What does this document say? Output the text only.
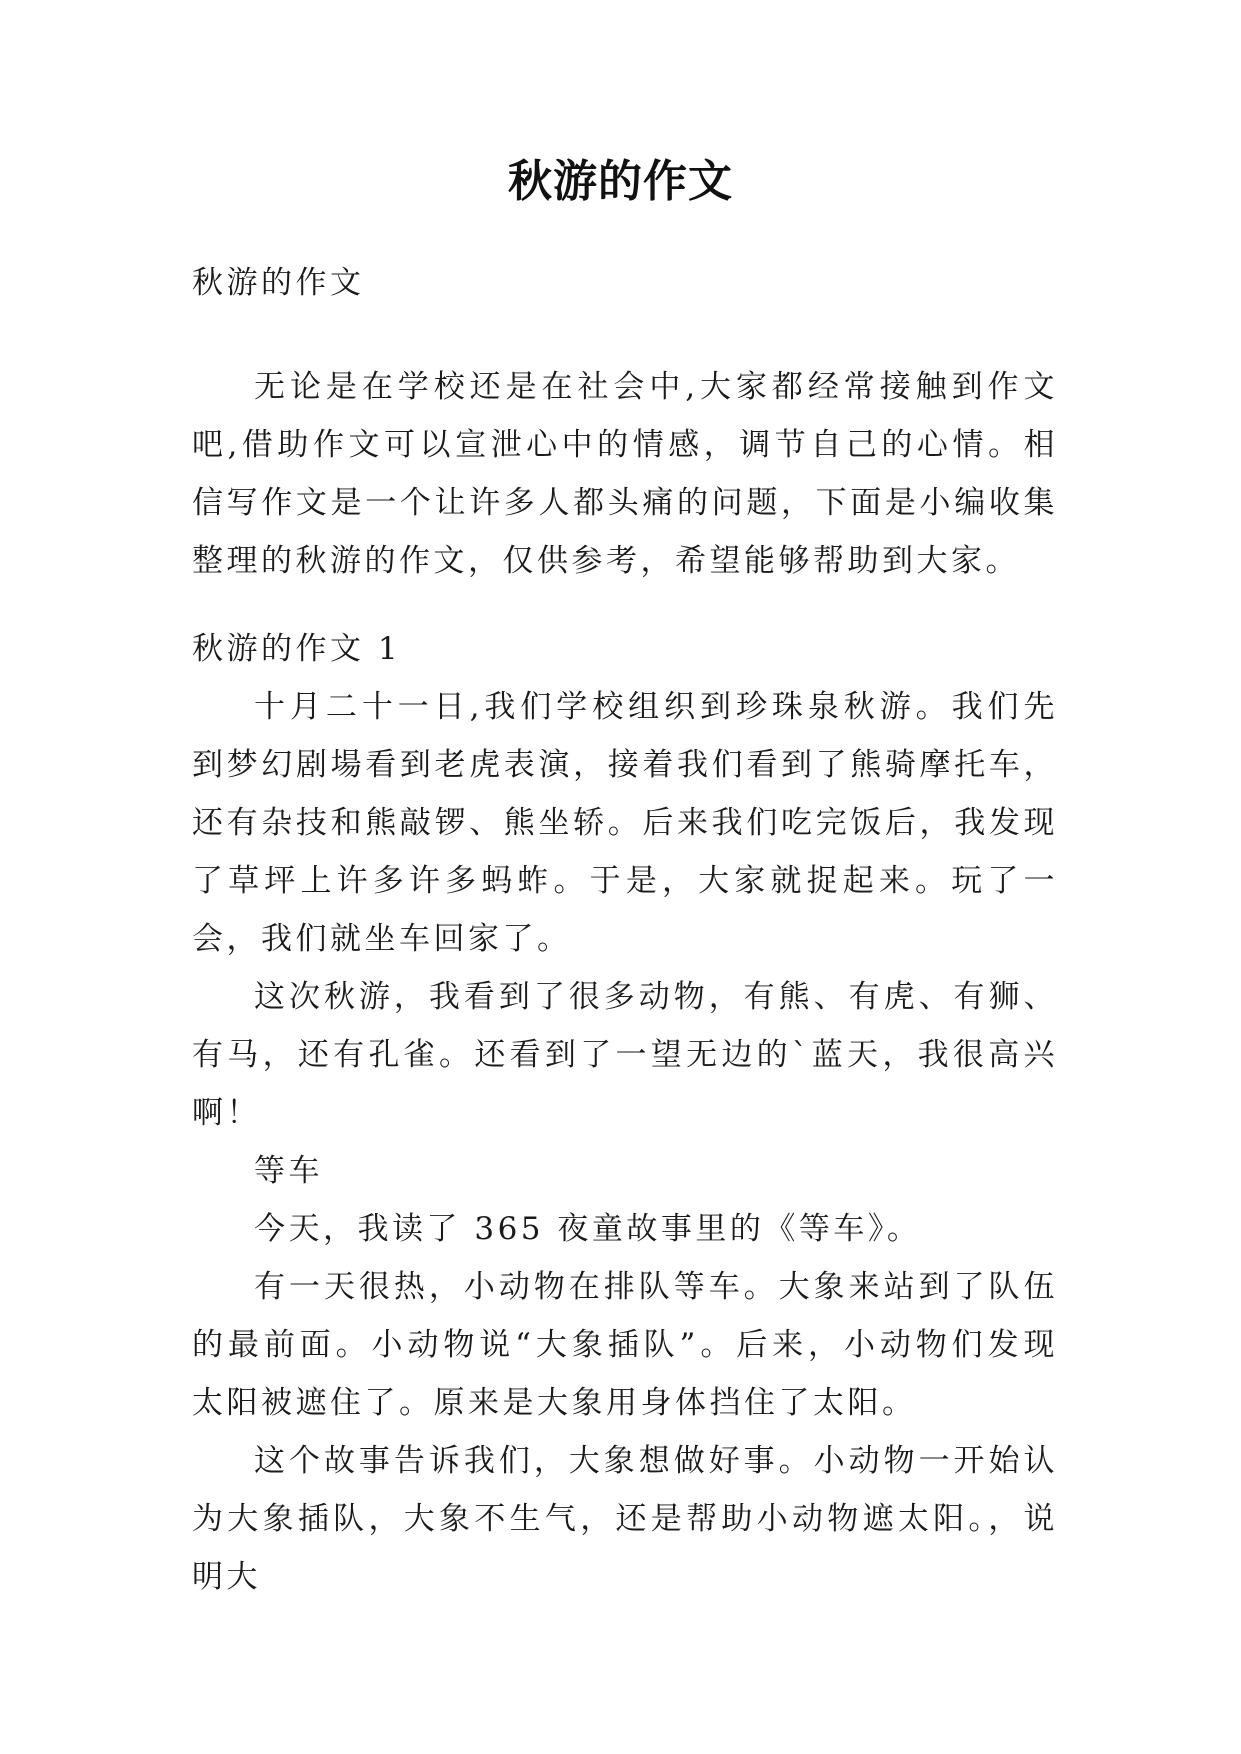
秋游的作文

秋游的作文

无论是在学校还是在社会中,大家都经常接触到作文吧,借助作文可以宣泄心中的情感，调节自己的心情。相信写作文是一个让许多人都头痛的问题，下面是小编收集整理的秋游的作文，仅供参考，希望能够帮助到大家。

秋游的作文 1

十月二十一日,我们学校组织到珍珠泉秋游。我们先到梦幻剧場看到老虎表演，接着我们看到了熊骑摩托车，还有杂技和熊敲锣、熊坐轿。后来我们吃完饭后，我发现了草坪上许多许多蚂蚱。于是，大家就捉起来。玩了一会，我们就坐车回家了。

这次秋游，我看到了很多动物，有熊、有虎、有狮、有马，还有孔雀。还看到了一望无边的`蓝天，我很高兴啊！

等车

今天，我读了 365 夜童故事里的《等车》。

有一天很热，小动物在排队等车。大象来站到了队伍的最前面。小动物说“大象插队”。后来，小动物们发现太阳被遮住了。原来是大象用身体挡住了太阳。

这个故事告诉我们，大象想做好事。小动物一开始认为大象插队，大象不生气，还是帮助小动物遮太阳。，说明大
